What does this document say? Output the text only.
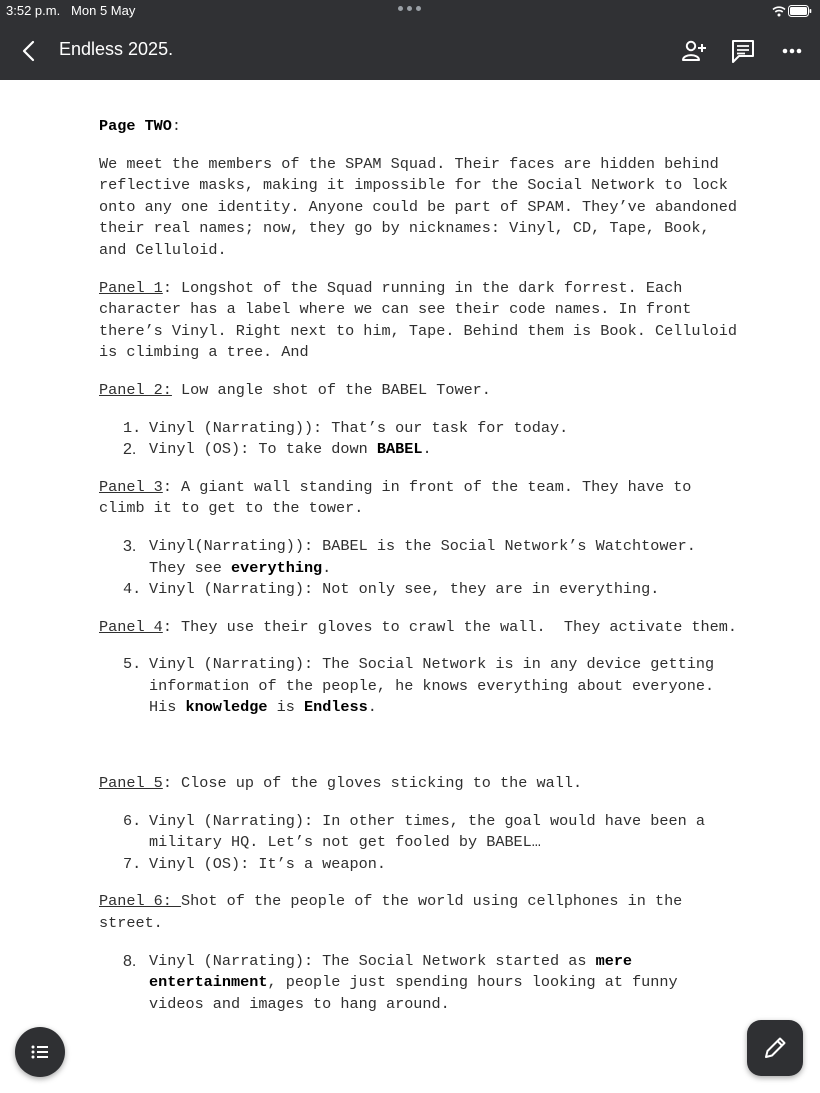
3:52 p.m. Mon 5 May
Endless 2025.

Page TWO:

We meet the members of the SPAM Squad. Their faces are hidden behind reflective masks, making it impossible for the Social Network to lock onto any one identity. Anyone could be part of SPAM. They’ve abandoned their real names; now, they go by nicknames: Vinyl, CD, Tape, Book, and Celluloid.

Panel 1: Longshot of the Squad running in the dark forrest. Each character has a label where we can see their code names. In front there’s Vinyl. Right next to him, Tape. Behind them is Book. Celluloid is climbing a tree. And

Panel 2: Low angle shot of the BABEL Tower.

1. Vinyl (Narrating)): That’s our task for today.
2. Vinyl (OS): To take down BABEL.

Panel 3: A giant wall standing in front of the team. They have to climb it to get to the tower.

3. Vinyl(Narrating)): BABEL is the Social Network’s Watchtower. They see everything.
4. Vinyl (Narrating): Not only see, they are in everything.

Panel 4: They use their gloves to crawl the wall.  They activate them.

5. Vinyl (Narrating): The Social Network is in any device getting information of the people, he knows everything about everyone. His knowledge is Endless.

Panel 5: Close up of the gloves sticking to the wall.

6. Vinyl (Narrating): In other times, the goal would have been a military HQ. Let’s not get fooled by BABEL…
7. Vinyl (OS): It’s a weapon.

Panel 6: Shot of the people of the world using cellphones in the street.

8. Vinyl (Narrating): The Social Network started as mere entertainment, people just spending hours looking at funny videos and images to hang around.
